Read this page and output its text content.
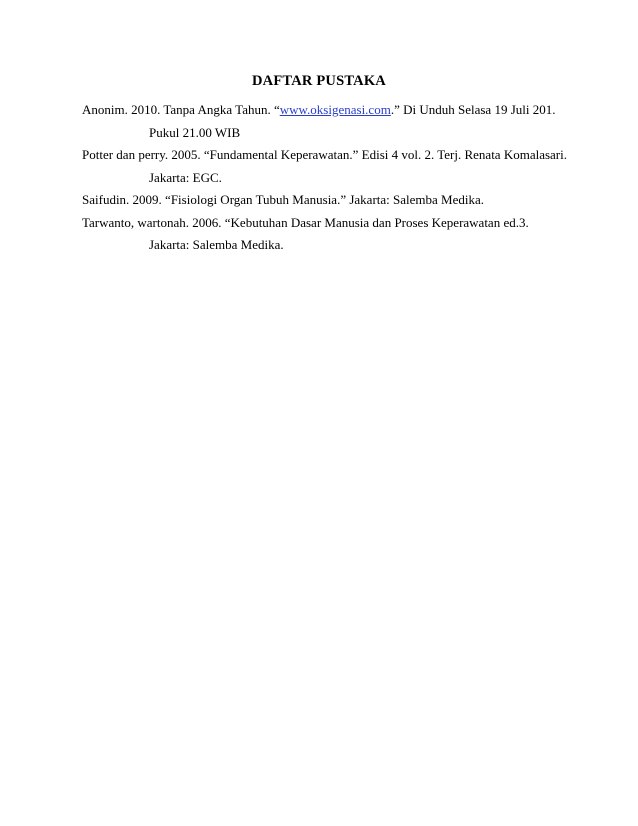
DAFTAR PUSTAKA

Anonim. 2010. Tanpa Angka Tahun. “www.oksigenasi.com.” Di Unduh Selasa 19 Juli 201.
Pukul 21.00 WIB

Potter dan perry. 2005. “Fundamental Keperawatan.” Edisi 4 vol. 2. Terj. Renata Komalasari.
Jakarta: EGC.

Saifudin. 2009. “Fisiologi Organ Tubuh Manusia.” Jakarta: Salemba Medika.

Tarwanto, wartonah. 2006. “Kebutuhan Dasar Manusia dan Proses Keperawatan ed.3.
Jakarta: Salemba Medika.
